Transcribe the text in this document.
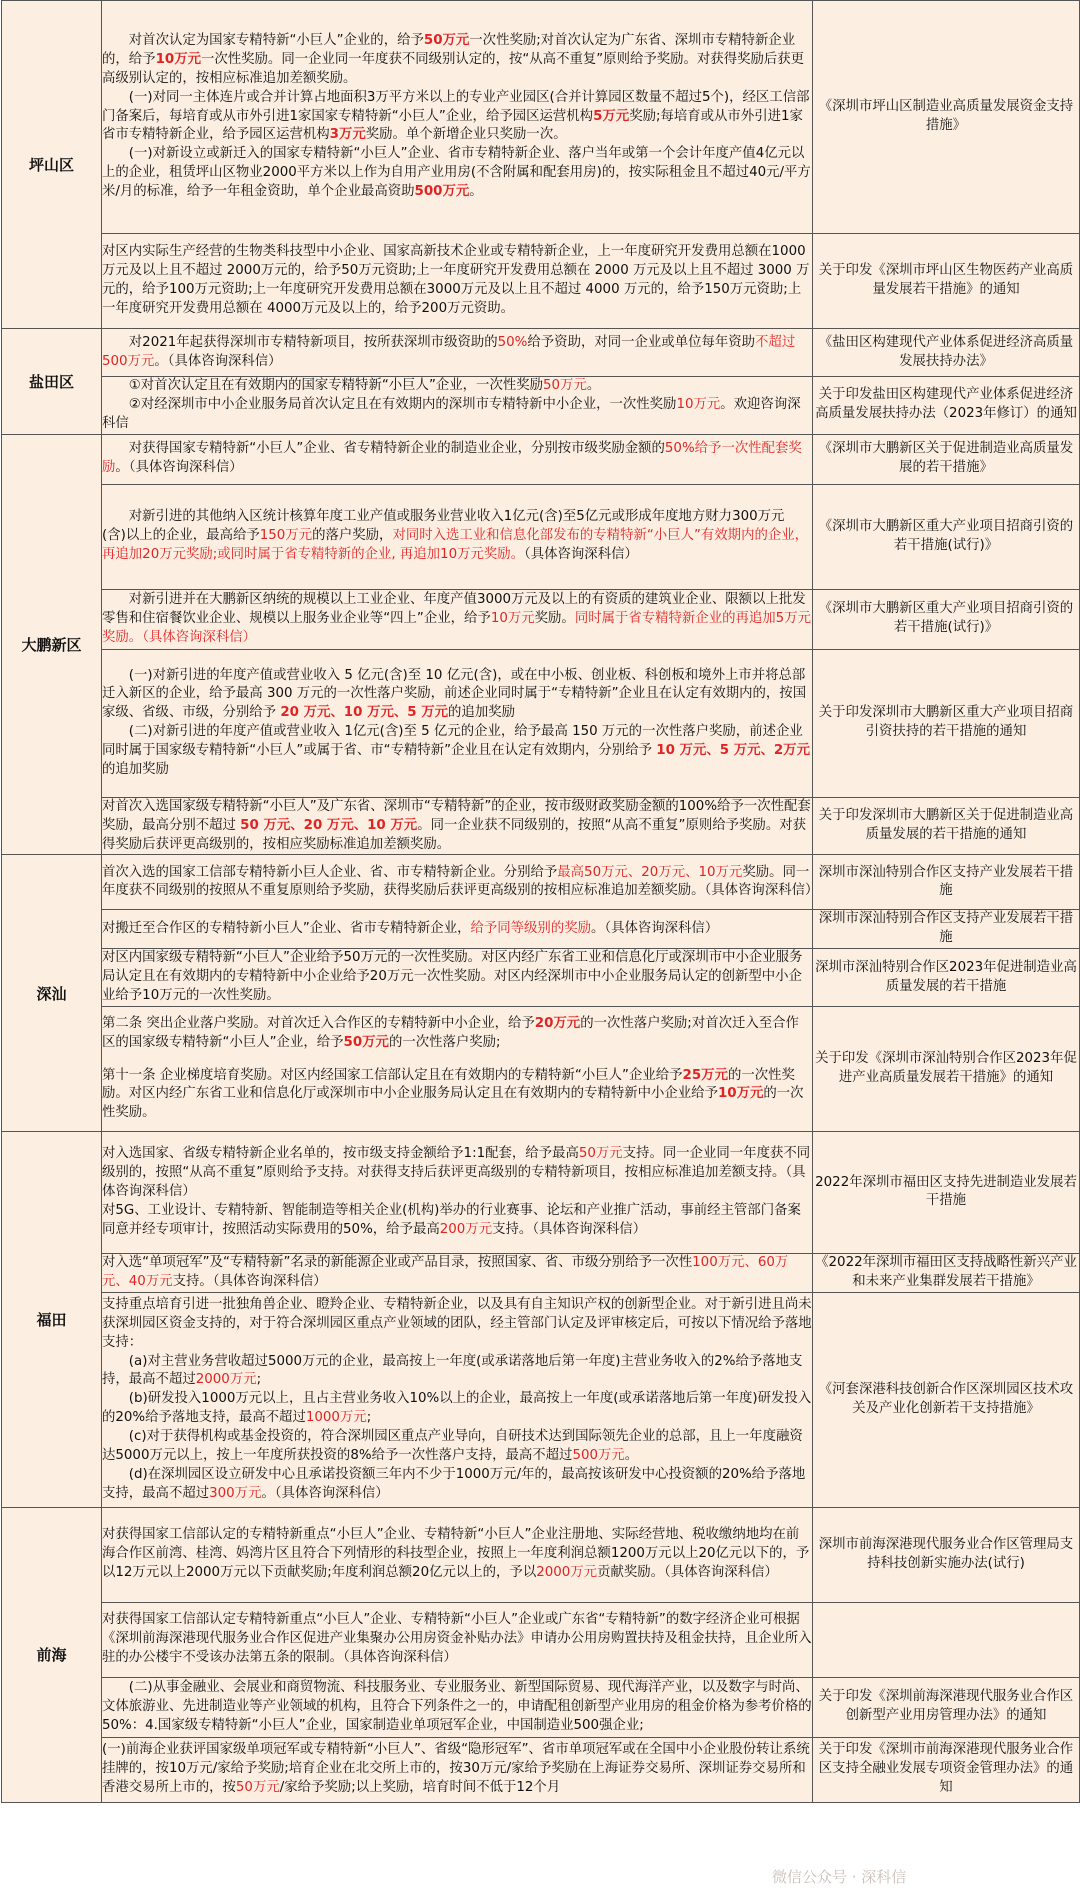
坪山区	对首次认定为国家专精特新“小巨人”企业的，给予50万元一次性奖励;对首次认定为广东省、深圳市专精特新企业的，给予10万元一次性奖励。同一企业同一年度获不同级别认定的，按“从高不重复”原则给予奖励。对获得奖励后获更高级别认定的，按相应标准追加差额奖励。
(一)对同一主体连片或合并计算占地面积3万平方米以上的专业产业园区(合并计算园区数量不超过5个)，经区工信部门备案后，每培育或从市外引进1家国家专精特新“小巨人”企业，给予园区运营机构5万元奖励;每培育或从市外引进1家省市专精特新企业，给予园区运营机构3万元奖励。单个新增企业只奖励一次。
(一)对新设立或新迁入的国家专精特新“小巨人”企业、省市专精特新企业、落户当年或第一个会计年度产值4亿元以上的企业，租赁坪山区物业2000平方米以上作为自用产业用房(不含附属和配套用房)的，按实际租金且不超过40元/平方米/月的标准，给予一年租金资助，单个企业最高资助500万元。	《深圳市坪山区制造业高质量发展资金支持措施》

	对区内实际生产经营的生物类科技型中小企业、国家高新技术企业或专精特新企业，上一年度研究开发费用总额在1000万元及以上且不超过 2000万元的，给予50万元资助;上一年度研究开发费用总额在 2000 万元及以上且不超过 3000 万元的，给予100万元资助;上一年度研究开发费用总额在3000万元及以上且不超过 4000 万元的，给予150万元资助;上一年度研究开发费用总额在 4000万元及以上的，给予200万元资助。	关于印发《深圳市坪山区生物医药产业高质量发展若干措施》的通知
盐田区	对2021年起获得深圳市专精特新项目，按所获深圳市级资助的50%给予资助，对同一企业或单位每年资助不超过500万元。（具体咨询深科信）	《盐田区构建现代产业体系促进经济高质量发展扶持办法》

	①对首次认定且在有效期内的国家专精特新“小巨人”企业，一次性奖励50万元。
②对经深圳市中小企业服务局首次认定且在有效期内的深圳市专精特新中小企业，一次性奖励10万元。欢迎咨询深科信	关于印发盐田区构建现代产业体系促进经济高质量发展扶持办法（2023年修订）的通知
大鹏新区	对获得国家专精特新“小巨人”企业、省专精特新企业的制造业企业，分别按市级奖励金额的50%给予一次性配套奖励。（具体咨询深科信）	《深圳市大鹏新区关于促进制造业高质量发展的若干措施》

	对新引进的其他纳入区统计核算年度工业产值或服务业营业收入1亿元(含)至5亿元或形成年度地方财力300万元 (含)以上的企业，最高给予150万元的落户奖励，对同时入选工业和信息化部发布的专精特新“小巨人”有效期内的企业，再追加20万元奖励;或同时属于省专精特新的企业, 再追加10万元奖励。（具体咨询深科信）	《深圳市大鹏新区重大产业项目招商引资的若干措施(试行)》

	对新引进并在大鹏新区纳统的规模以上工业企业、年度产值3000万元及以上的有资质的建筑业企业、限额以上批发零售和住宿餐饮业企业、规模以上服务业企业等“四上”企业，给予10万元奖励。同时属于省专精特新企业的再追加5万元奖励。（具体咨询深科信）	《深圳市大鹏新区重大产业项目招商引资的若干措施(试行)》

	(一)对新引进的年度产值或营业收入 5 亿元(含)至 10 亿元(含)，或在中小板、创业板、科创板和境外上市并将总部迁入新区的企业，给予最高 300 万元的一次性落户奖励，前述企业同时属于“专精特新”企业且在认定有效期内的，按国家级、省级、市级，分别给予 20 万元、10 万元、5 万元的追加奖励
(二)对新引进的年度产值或营业收入 1亿元(含)至 5 亿元的企业，给予最高 150 万元的一次性落户奖励，前述企业同时属于国家级专精特新“小巨人”或属于省、市“专精特新”企业且在认定有效期内，分别给予 10 万元、5 万元、2万元的追加奖励	关于印发深圳市大鹏新区重大产业项目招商引资扶持的若干措施的通知

	对首次入选国家级专精特新“小巨人”及广东省、深圳市“专精特新”的企业，按市级财政奖励金额的100%给予一次性配套奖励，最高分别不超过 50 万元、20 万元、10 万元。同一企业获不同级别的，按照“从高不重复”原则给予奖励。对获得奖励后获评更高级别的，按相应奖励标准追加差额奖励。	关于印发深圳市大鹏新区关于促进制造业高质量发展的若干措施的通知
深汕	首次入选的国家工信部专精特新小巨人企业、省、市专精特新企业。分别给予最高50万元、20万元、10万元奖励。同一年度获不同级别的按照从不重复原则给予奖励，获得奖励后获评更高级别的按相应标准追加差额奖励。（具体咨询深科信）	深圳市深汕特别合作区支持产业发展若干措施

	对搬迁至合作区的专精特新小巨人”企业、省市专精特新企业，给予同等级别的奖励。（具体咨询深科信）	深圳市深汕特别合作区支持产业发展若干措施

	对区内国家级专精特新“小巨人”企业给予50万元的一次性奖励。对区内经广东省工业和信息化厅或深圳市中小企业服务局认定且在有效期内的专精特新中小企业给予20万元一次性奖励。对区内经深圳市中小企业服务局认定的创新型中小企业给予10万元的一次性奖励。	深圳市深汕特别合作区2023年促进制造业高质量发展的若干措施

	第二条 突出企业落户奖励。对首次迁入合作区的专精特新中小企业，给予20万元的一次性落户奖励;对首次迁入至合作区的国家级专精特新“小巨人”企业，给予50万元的一次性落户奖励;
第十一条 企业梯度培育奖励。对区内经国家工信部认定且在有效期内的专精特新“小巨人”企业给予25万元的一次性奖励。对区内经广东省工业和信息化厅或深圳市中小企业服务局认定且在有效期内的专精特新中小企业给予10万元的一次性奖励。	关于印发《深圳市深汕特别合作区2023年促进产业高质量发展若干措施》的通知
福田	对入选国家、省级专精特新企业名单的，按市级支持金额给予1:1配套，给予最高50万元支持。同一企业同一年度获不同级别的，按照“从高不重复”原则给予支持。对获得支持后获评更高级别的专精特新项目，按相应标准追加差额支持。（具体咨询深科信）
对5G、工业设计、专精特新、智能制造等相关企业(机构)举办的行业赛事、论坛和产业推广活动，事前经主管部门备案同意并经专项审计，按照活动实际费用的50%，给予最高200万元支持。（具体咨询深科信）	2022年深圳市福田区支持先进制造业发展若干措施

	对入选“单项冠军”及“专精特新”名录的新能源企业或产品目录，按照国家、省、市级分别给予一次性100万元、60万元、40万元支持。（具体咨询深科信）	《2022年深圳市福田区支持战略性新兴产业和未来产业集群发展若干措施》

	支持重点培育引进一批独角兽企业、瞪羚企业、专精特新企业，以及具有自主知识产权的创新型企业。对于新引进且尚未获深圳园区资金支持的，对于符合深圳园区重点产业领域的团队，经主管部门认定及评审核定后，可按以下情况给予落地支持：
(a)对主营业务营收超过5000万元的企业，最高按上一年度(或承诺落地后第一年度)主营业务收入的2%给予落地支持，最高不超过2000万元;
(b)研发投入1000万元以上，且占主营业务收入10%以上的企业，最高按上一年度(或承诺落地后第一年度)研发投入的20%给予落地支持，最高不超过1000万元;
(c)对于获得机构或基金投资的，符合深圳园区重点产业导向，自研技术达到国际领先企业的总部，且上一年度融资达5000万元以上，按上一年度所获投资的8%给予一次性落户支持，最高不超过500万元。
(d)在深圳园区设立研发中心且承诺投资额三年内不少于1000万元/年的，最高按该研发中心投资额的20%给予落地支持，最高不超过300万元。（具体咨询深科信）	《河套深港科技创新合作区深圳园区技术攻关及产业化创新若干支持措施》
前海	对获得国家工信部认定的专精特新重点“小巨人”企业、专精特新“小巨人”企业注册地、实际经营地、税收缴纳地均在前海合作区前湾、桂湾、妈湾片区且符合下列情形的科技型企业，按照上一年度利润总额1200万元以上20亿元以下的，予以12万元以上2000万元以下贡献奖励;年度利润总额20亿元以上的，予以2000万元贡献奖励。（具体咨询深科信）	深圳市前海深港现代服务业合作区管理局支持科技创新实施办法(试行)

	对获得国家工信部认定专精特新重点“小巨人”企业、专精特新“小巨人”企业或广东省“专精特新”的数字经济企业可根据《深圳前海深港现代服务业合作区促进产业集聚办公用房资金补贴办法》申请办公用房购置扶持及租金扶持，且企业所入驻的办公楼宇不受该办法第五条的限制。（具体咨询深科信）	

	(二)从事金融业、会展业和商贸物流、科技服务业、专业服务业、新型国际贸易、现代海洋产业，以及数字与时尚、文体旅游业、先进制造业等产业领域的机构，且符合下列条件之一的，申请配租创新型产业用房的租金价格为参考价格的50%：4.国家级专精特新“小巨人”企业，国家制造业单项冠军企业，中国制造业500强企业;	关于印发《深圳前海深港现代服务业合作区创新型产业用房管理办法》的通知

	(一)前海企业获评国家级单项冠军或专精特新“小巨人”、省级“隐形冠军”、省市单项冠军或在全国中小企业股份转让系统挂牌的，按10万元/家给予奖励;培育企业在北交所上市的，按30万元/家给予奖励在上海证券交易所、深圳证券交易所和香港交易所上市的，按50万元/家给予奖励;以上奖励，培育时间不低于12个月	关于印发《深圳市前海深港现代服务业合作区支持全融业发展专项资金管理办法》的通知
微信公众号 · 深科信
